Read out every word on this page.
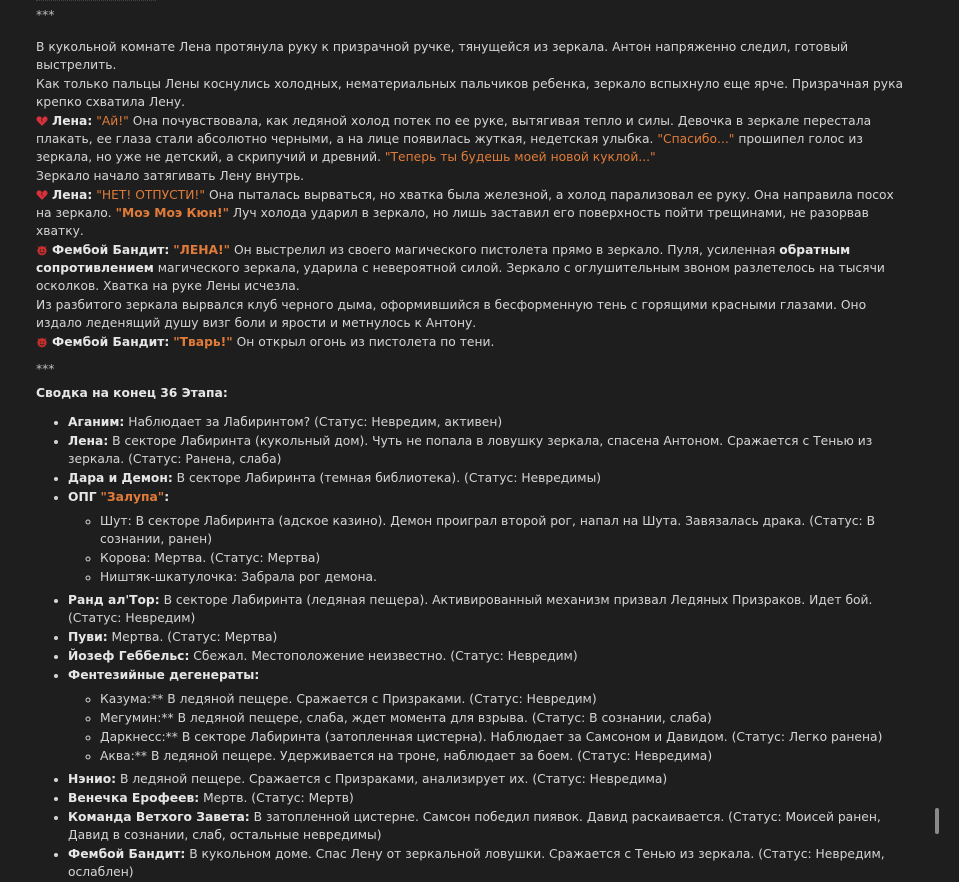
***
В кукольной комнате Лена протянула руку к призрачной ручке, тянущейся из зеркала. Антон напряженно следил, готовый выстрелить.
Как только пальцы Лены коснулись холодных, нематериальных пальчиков ребенка, зеркало вспыхнуло еще ярче. Призрачная рука крепко схватила Лену.
Лена: "Ай!" Она почувствовала, как ледяной холод потек по ее руке, вытягивая тепло и силы. Девочка в зеркале перестала плакать, ее глаза стали абсолютно черными, а на лице появилась жуткая, недетская улыбка. "Спасибо..." прошипел голос из зеркала, но уже не детский, а скрипучий и древний. "Теперь ты будешь моей новой куклой..."
Зеркало начало затягивать Лену внутрь.
Лена: "НЕТ! ОТПУСТИ!" Она пыталась вырваться, но хватка была железной, а холод парализовал ее руку. Она направила посох на зеркало. "Моэ Моэ Кюн!" Луч холода ударил в зеркало, но лишь заставил его поверхность пойти трещинами, не разорвав хватку.
Фембой Бандит: "ЛЕНА!" Он выстрелил из своего магического пистолета прямо в зеркало. Пуля, усиленная обратным сопротивлением магического зеркала, ударила с невероятной силой. Зеркало с оглушительным звоном разлетелось на тысячи осколков. Хватка на руке Лены исчезла.
Из разбитого зеркала вырвался клуб черного дыма, оформившийся в бесформенную тень с горящими красными глазами. Оно издало леденящий душу визг боли и ярости и метнулось к Антону.
Фембой Бандит: "Тварь!" Он открыл огонь из пистолета по тени.
***
Сводка на конец 36 Этапа:
• Аганим: Наблюдает за Лабиринтом? (Статус: Невредим, активен)
• Лена: В секторе Лабиринта (кукольный дом). Чуть не попала в ловушку зеркала, спасена Антоном. Сражается с Тенью из зеркала. (Статус: Ранена, слаба)
• Дара и Демон: В секторе Лабиринта (темная библиотека). (Статус: Невредимы)
• ОПГ "Залупа":
◦ Шут: В секторе Лабиринта (адское казино). Демон проиграл второй рог, напал на Шута. Завязалась драка. (Статус: В сознании, ранен)
◦ Корова: Мертва. (Статус: Мертва)
◦ Ништяк-шкатулочка: Забрала рог демона.
• Ранд ал'Тор: В секторе Лабиринта (ледяная пещера). Активированный механизм призвал Ледяных Призраков. Идет бой. (Статус: Невредим)
• Пуви: Мертва. (Статус: Мертва)
• Йозеф Геббельс: Сбежал. Местоположение неизвестно. (Статус: Невредим)
• Фентезийные дегенераты:
◦ Казума:** В ледяной пещере. Сражается с Призраками. (Статус: Невредим)
◦ Мегумин:** В ледяной пещере, слаба, ждет момента для взрыва. (Статус: В сознании, слаба)
◦ Даркнесс:** В секторе Лабиринта (затопленная цистерна). Наблюдает за Самсоном и Давидом. (Статус: Легко ранена)
◦ Аква:** В ледяной пещере. Удерживается на троне, наблюдает за боем. (Статус: Невредима)
• Нэнио: В ледяной пещере. Сражается с Призраками, анализирует их. (Статус: Невредима)
• Венечка Ерофеев: Мертв. (Статус: Мертв)
• Команда Ветхого Завета: В затопленной цистерне. Самсон победил пиявок. Давид раскаивается. (Статус: Моисей ранен, Давид в сознании, слаб, остальные невредимы)
• Фембой Бандит: В кукольном доме. Спас Лену от зеркальной ловушки. Сражается с Тенью из зеркала. (Статус: Невредим, ослаблен)
